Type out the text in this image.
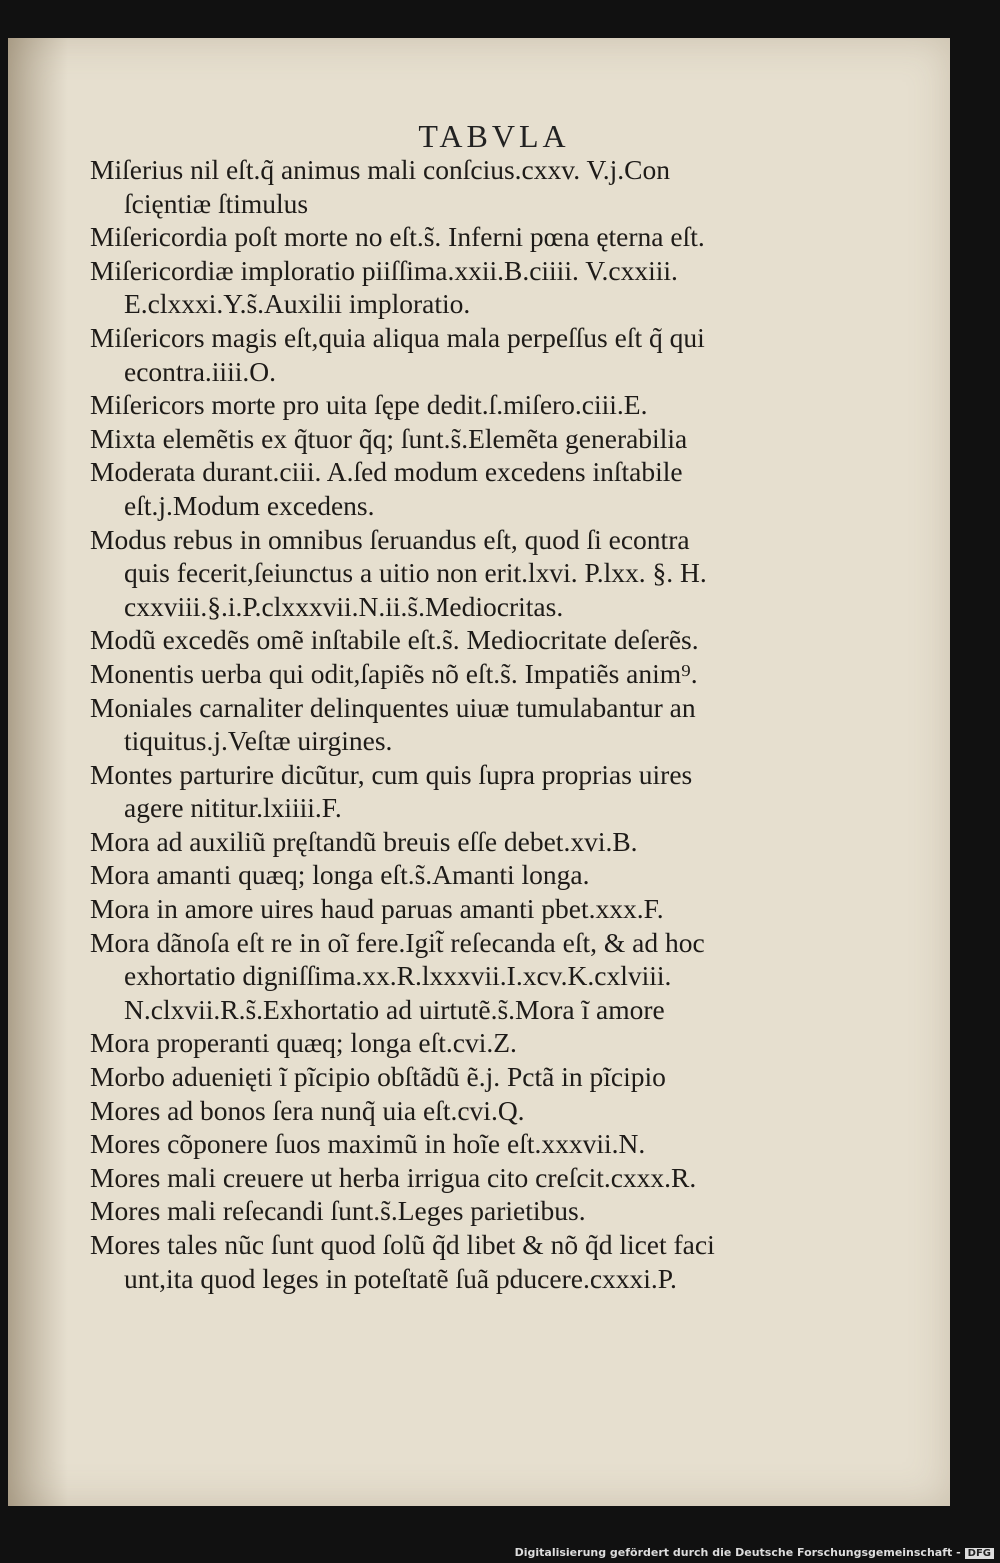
TABVLA
Miſerius nil eſt.q̃ animus mali conſcius.cxxv. V.j.Con
ſcięntiæ ſtimulus
Miſericordia poſt morte no eſt.s̃. Inferni pœna ęterna eſt.
Miſericordiæ imploratio piiſſima.xxii.B.ciiii. V.cxxiii.
E.clxxxi.Y.s̃.Auxilii imploratio.
Miſericors magis eſt,quia aliqua mala perpeſſus eſt q̃ qui
econtra.iiii.O.
Miſericors morte pro uita ſępe dedit.ſ.miſero.ciii.E.
Mixta elemẽtis ex q̃tuor q̃q; ſunt.s̃.Elemẽta generabilia
Moderata durant.ciii. A.ſed modum excedens inſtabile
eſt.j.Modum excedens.
Modus rebus in omnibus ſeruandus eſt, quod ſi econtra
quis fecerit,ſeiunctus a uitio non erit.lxvi. P.lxx. §. H.
cxxviii.§.i.P.clxxxvii.N.ii.s̃.Mediocritas.
Modũ excedẽs omẽ inſtabile eſt.s̃. Mediocritate deſerẽs.
Monentis uerba qui odit,ſapiẽs nõ eſt.s̃. Impatiẽs anim⁹.
Moniales carnaliter delinquentes uiuæ tumulabantur an
tiquitus.j.Veſtæ uirgines.
Montes parturire dicũtur, cum quis ſupra proprias uires
agere nititur.lxiiii.F.
Mora ad auxiliũ pręſtandũ breuis eſſe debet.xvi.B.
Mora amanti quæq; longa eſt.s̃.Amanti longa.
Mora in amore uires haud paruas amanti pbet.xxx.F.
Mora dãnoſa eſt re in oĩ fere.Igit̃ reſecanda eſt, & ad hoc
exhortatio digniſſima.xx.R.lxxxvii.I.xcv.K.cxlviii.
N.clxvii.R.s̃.Exhortatio ad uirtutẽ.s̃.Mora ĩ amore
Mora properanti quæq; longa eſt.cvi.Z.
Morbo aduenięti ĩ pĩcipio obſtãdũ ẽ.j. Pctã in pĩcipio
Mores ad bonos ſera nunq̃ uia eſt.cvi.Q.
Mores cõponere ſuos maximũ in hoĩe eſt.xxxvii.N.
Mores mali creuere ut herba irrigua cito creſcit.cxxx.R.
Mores mali reſecandi ſunt.s̃.Leges parietibus.
Mores tales nũc ſunt quod ſolũ q̃d libet & nõ q̃d licet faci
unt,ita quod leges in poteſtatẽ ſuã pducere.cxxxi.P.
Digitalisierung gefördert durch die Deutsche Forschungsgemeinschaft - DFG
